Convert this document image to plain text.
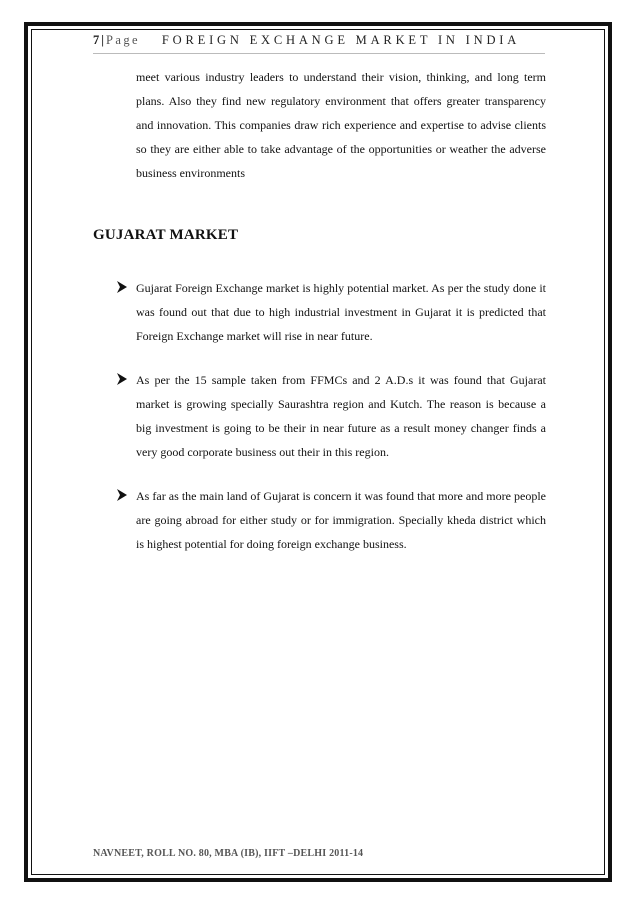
7 | Page FOREIGN EXCHANGE MARKET IN INDIA

meet various industry leaders to understand their vision, thinking, and long term plans. Also they find new regulatory environment that offers greater transparency and innovation. This companies draw rich experience and expertise to advise clients so they are either able to take advantage of the opportunities or weather the adverse business environments

GUJARAT MARKET

Gujarat Foreign Exchange market is highly potential market. As per the study done it was found out that due to high industrial investment in Gujarat it is predicted that Foreign Exchange market will rise in near future.

As per the 15 sample taken from FFMCs and 2 A.D.s it was found that Gujarat market is growing specially Saurashtra region and Kutch. The reason is because a big investment is going to be their in near future as a result money changer finds a very good corporate business out their in this region.

As far as the main land of Gujarat is concern it was found that more and more people are going abroad for either study or for immigration. Specially kheda district which is highest potential for doing foreign exchange business.

NAVNEET, ROLL NO. 80, MBA (IB), IIFT –DELHI 2011-14
